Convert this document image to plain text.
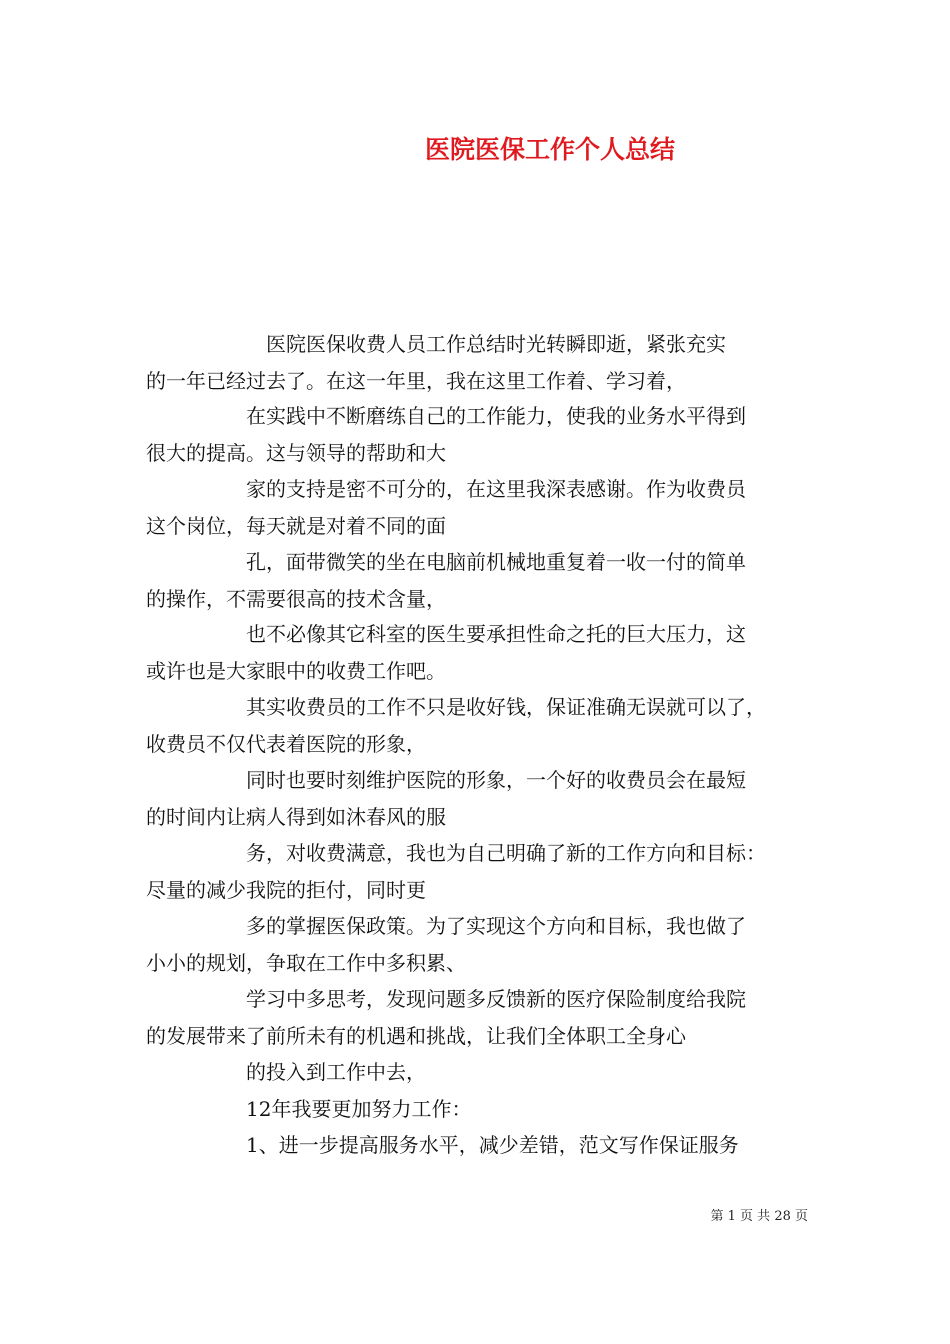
医院医保工作个人总结
医院医保收费人员工作总结时光转瞬即逝，紧张充实
的一年已经过去了。在这一年里，我在这里工作着、学习着，
在实践中不断磨练自己的工作能力，使我的业务水平得到
很大的提高。这与领导的帮助和大
家的支持是密不可分的，在这里我深表感谢。作为收费员
这个岗位，每天就是对着不同的面
孔，面带微笑的坐在电脑前机械地重复着一收一付的简单
的操作，不需要很高的技术含量，
也不必像其它科室的医生要承担性命之托的巨大压力，这
或许也是大家眼中的收费工作吧。
其实收费员的工作不只是收好钱，保证准确无误就可以了，
收费员不仅代表着医院的形象，
同时也要时刻维护医院的形象，一个好的收费员会在最短
的时间内让病人得到如沐春风的服
务，对收费满意，我也为自己明确了新的工作方向和目标：
尽量的减少我院的拒付，同时更
多的掌握医保政策。为了实现这个方向和目标，我也做了
小小的规划，争取在工作中多积累、
学习中多思考，发现问题多反馈新的医疗保险制度给我院
的发展带来了前所未有的机遇和挑战，让我们全体职工全身心
的投入到工作中去，
12年我要更加努力工作：
1、进一步提高服务水平，减少差错，范文写作保证服务
第 1 页 共 28 页
